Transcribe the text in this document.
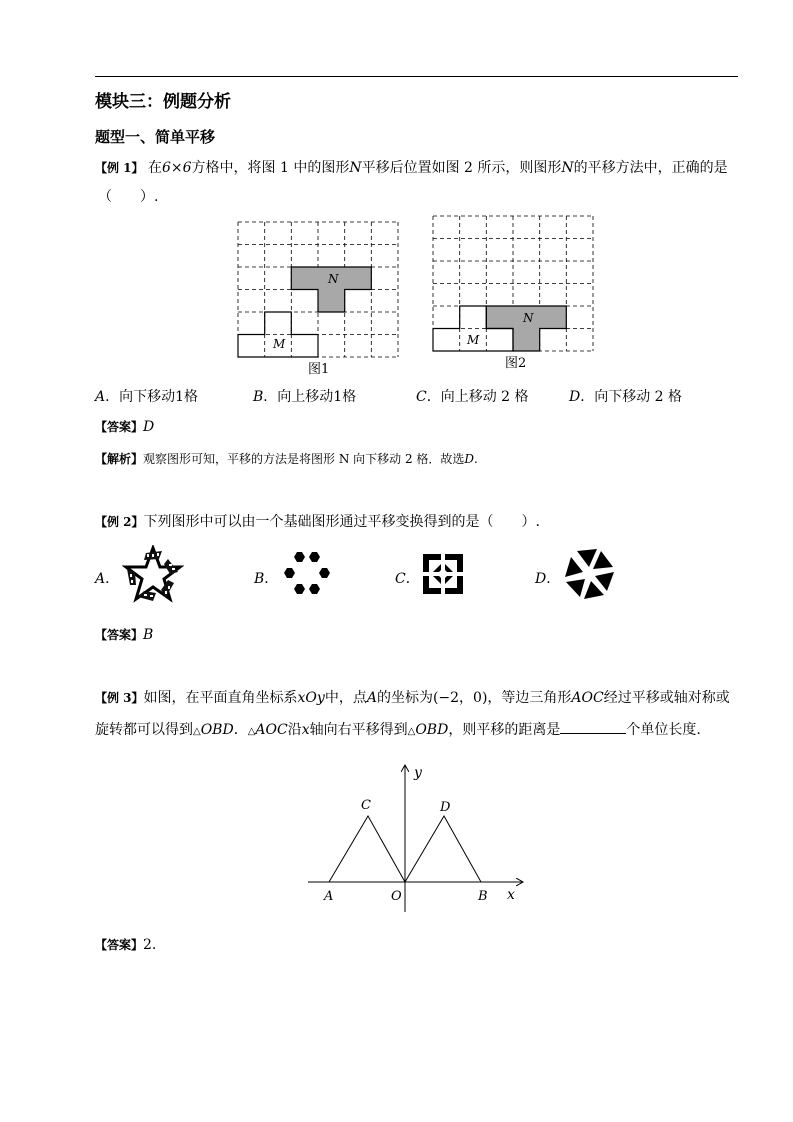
模块三：例题分析
题型一、简单平移
【例 1】 在6×6方格中，将图 1 中的图形N平移后位置如图 2 所示，则图形N的平移方法中，正确的是
（　　）.
N
M
图1
N
M
图2
A．向下移动1格	B．向上移动1格	C．向上移动 2 格	D．向下移动 2 格
【答案】D
【解析】观察图形可知，平移的方法是将图形 N 向下移动 2 格．故选D.
【例 2】下列图形中可以由一个基础图形通过平移变换得到的是（　　）.
A．	B．	C．	D．
【答案】B
【例 3】如图，在平面直角坐标系xOy中，点A的坐标为(−2，0)，等边三角形AOC经过平移或轴对称或
旋转都可以得到△OBD．△AOC沿x轴向右平移得到△OBD，则平移的距离是	个单位长度.
A	O	B
C	D
x
y
【答案】2.
